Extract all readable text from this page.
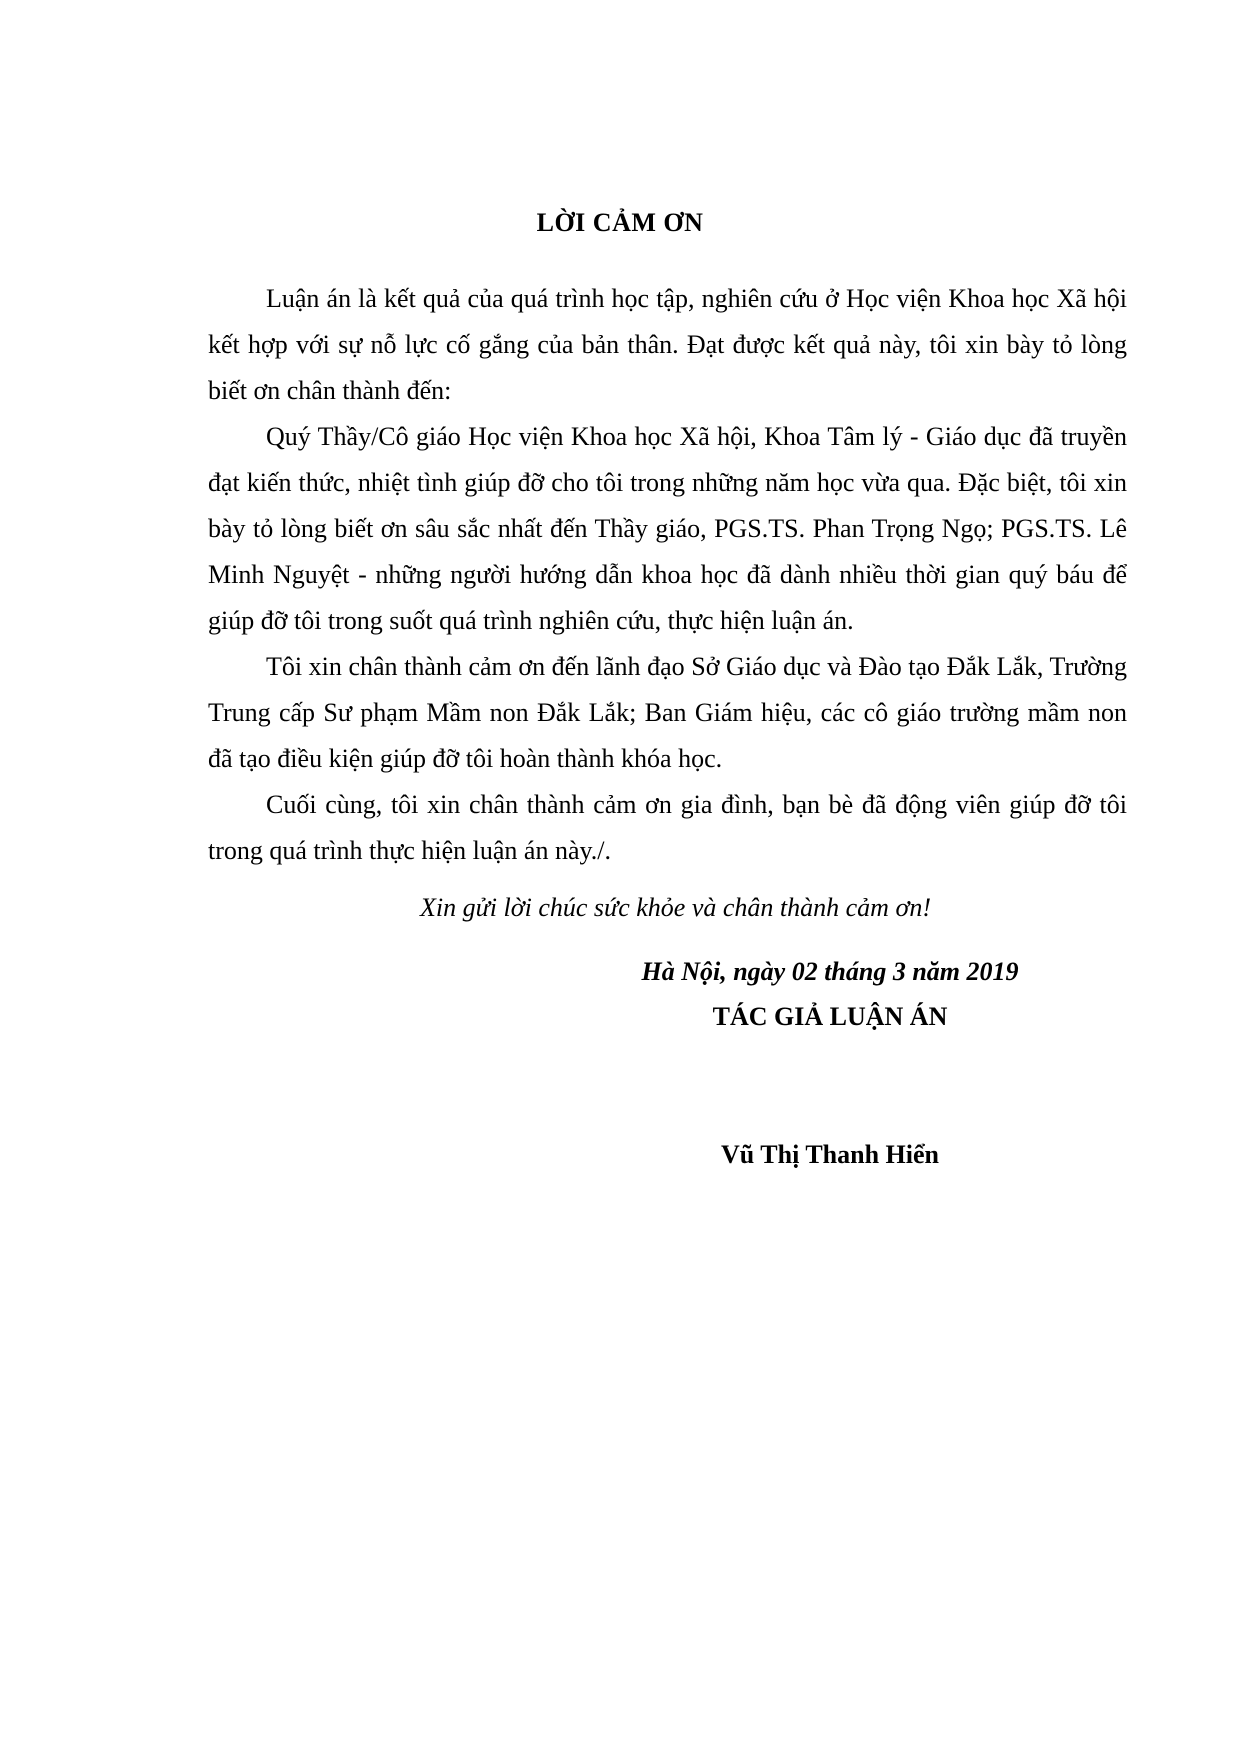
LỜI CẢM ƠN

Luận án là kết quả của quá trình học tập, nghiên cứu ở Học viện Khoa học Xã hội kết hợp với sự nỗ lực cố gắng của bản thân. Đạt được kết quả này, tôi xin bày tỏ lòng biết ơn chân thành đến:

Quý Thầy/Cô giáo Học viện Khoa học Xã hội, Khoa Tâm lý - Giáo dục đã truyền đạt kiến thức, nhiệt tình giúp đỡ cho tôi trong những năm học vừa qua. Đặc biệt, tôi xin bày tỏ lòng biết ơn sâu sắc nhất đến Thầy giáo, PGS.TS. Phan Trọng Ngọ; PGS.TS. Lê Minh Nguyệt - những người hướng dẫn khoa học đã dành nhiều thời gian quý báu để giúp đỡ tôi trong suốt quá trình nghiên cứu, thực hiện luận án.

Tôi xin chân thành cảm ơn đến lãnh đạo Sở Giáo dục và Đào tạo Đắk Lắk, Trường Trung cấp Sư phạm Mầm non Đắk Lắk; Ban Giám hiệu, các cô giáo trường mầm non đã tạo điều kiện giúp đỡ tôi hoàn thành khóa học.

Cuối cùng, tôi xin chân thành cảm ơn gia đình, bạn bè đã động viên giúp đỡ tôi trong quá trình thực hiện luận án này./.

Xin gửi lời chúc sức khỏe và chân thành cảm ơn!
Hà Nội, ngày 02 tháng 3 năm 2019
TÁC GIẢ LUẬN ÁN
Vũ Thị Thanh Hiển
